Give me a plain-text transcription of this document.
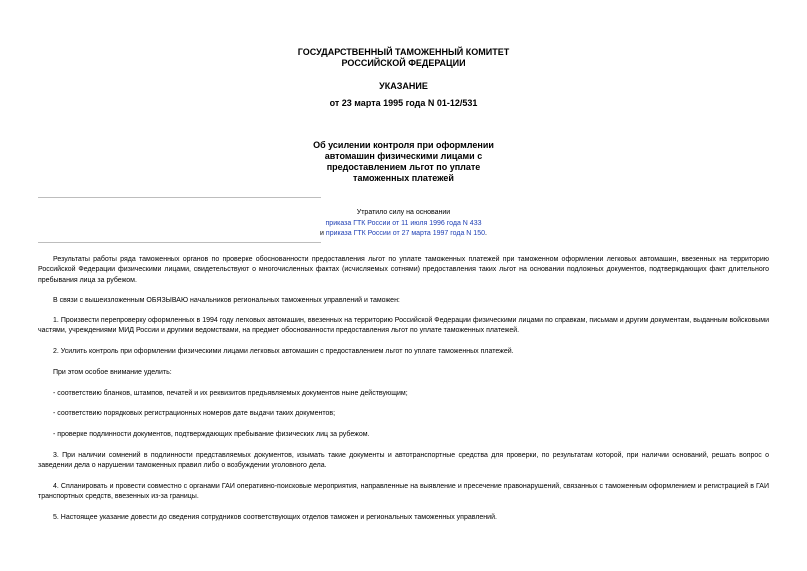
ГОСУДАРСТВЕННЫЙ ТАМОЖЕННЫЙ КОМИТЕТ
РОССИЙСКОЙ ФЕДЕРАЦИИ
УКАЗАНИЕ
от 23 марта 1995 года N 01-12/531
Об усилении контроля при оформлении
автомашин физическими лицами с
предоставлением льгот по уплате
таможенных платежей
Утратило силу на основании
приказа ГТК России от 11 июля 1996 года N 433
и приказа ГТК России от 27 марта 1997 года N 150.
Результаты работы ряда таможенных органов по проверке обоснованности предоставления льгот по уплате таможенных платежей при таможенном оформлении легковых автомашин, ввезенных на территорию Российской Федерации физическими лицами, свидетельствуют о многочисленных фактах (исчисляемых сотнями) предоставления таких льгот на основании подложных документов, подтверждающих факт длительного пребывания лица за рубежом.
В связи с вышеизложенным ОБЯЗЫВАЮ начальников региональных таможенных управлений и таможен:
1. Произвести перепроверку оформленных в 1994 году легковых автомашин, ввезенных на территорию Российской Федерации физическими лицами по справкам, письмам и другим документам, выданным войсковыми частями, учреждениями МИД России и другими ведомствами, на предмет обоснованности предоставления льгот по уплате таможенных платежей.
2. Усилить контроль при оформлении физическими лицами легковых автомашин с предоставлением льгот по уплате таможенных платежей.
При этом особое внимание уделить:
- соответствию бланков, штампов, печатей и их реквизитов предъявляемых документов ныне действующим;
- соответствию порядковых регистрационных номеров дате выдачи таких документов;
- проверке подлинности документов, подтверждающих пребывание физических лиц за рубежом.
3. При наличии сомнений в подлинности представляемых документов, изымать такие документы и автотранспортные средства для проверки, по результатам которой, при наличии оснований, решать вопрос о заведении дела о нарушении таможенных правил либо о возбуждении уголовного дела.
4. Спланировать и провести совместно с органами ГАИ оперативно-поисковые мероприятия, направленные на выявление и пресечение правонарушений, связанных с таможенным оформлением и регистрацией в ГАИ транспортных средств, ввезенных из-за границы.
5. Настоящее указание довести до сведения сотрудников соответствующих отделов таможен и региональных таможенных управлений.
